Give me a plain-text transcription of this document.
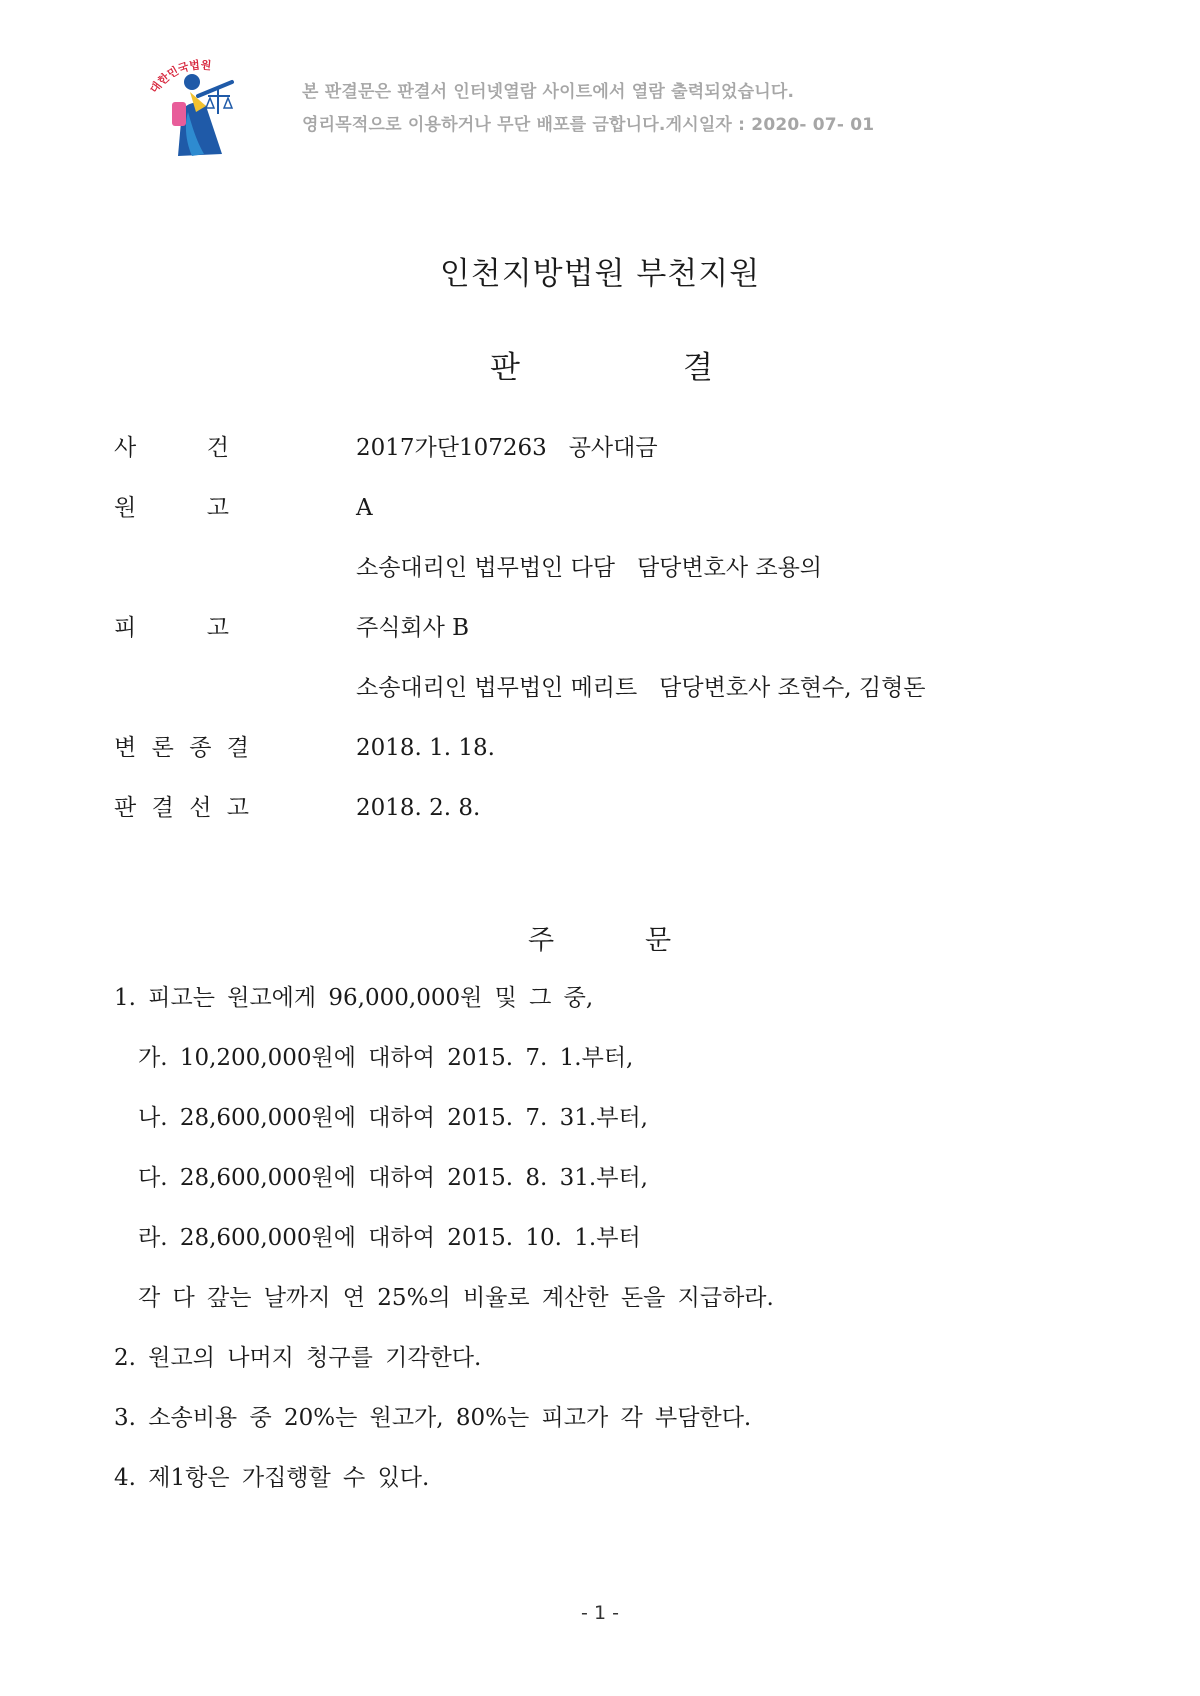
대한민국법원
본 판결문은 판결서 인터넷열람 사이트에서 열람 출력되었습니다.
영리목적으로 이용하거나 무단 배포를 금합니다.게시일자 : 2020- 07- 01
인천지방법원 부천지원
판	결
사	건	2017가단107263   공사대금
원	고	A
소송대리인 법무법인 다담   담당변호사 조용의
피	고	주식회사 B
소송대리인 법무법인 메리트   담당변호사 조현수, 김형돈
변 론 종 결	2018. 1. 18.
판 결 선 고	2018. 2. 8.
주	문
1. 피고는 원고에게 96,000,000원 및 그 중,
가. 10,200,000원에 대하여 2015. 7. 1.부터,
나. 28,600,000원에 대하여 2015. 7. 31.부터,
다. 28,600,000원에 대하여 2015. 8. 31.부터,
라. 28,600,000원에 대하여 2015. 10. 1.부터
각 다 갚는 날까지 연 25%의 비율로 계산한 돈을 지급하라.
2. 원고의 나머지 청구를 기각한다.
3. 소송비용 중 20%는 원고가, 80%는 피고가 각 부담한다.
4. 제1항은 가집행할 수 있다.
- 1 -
